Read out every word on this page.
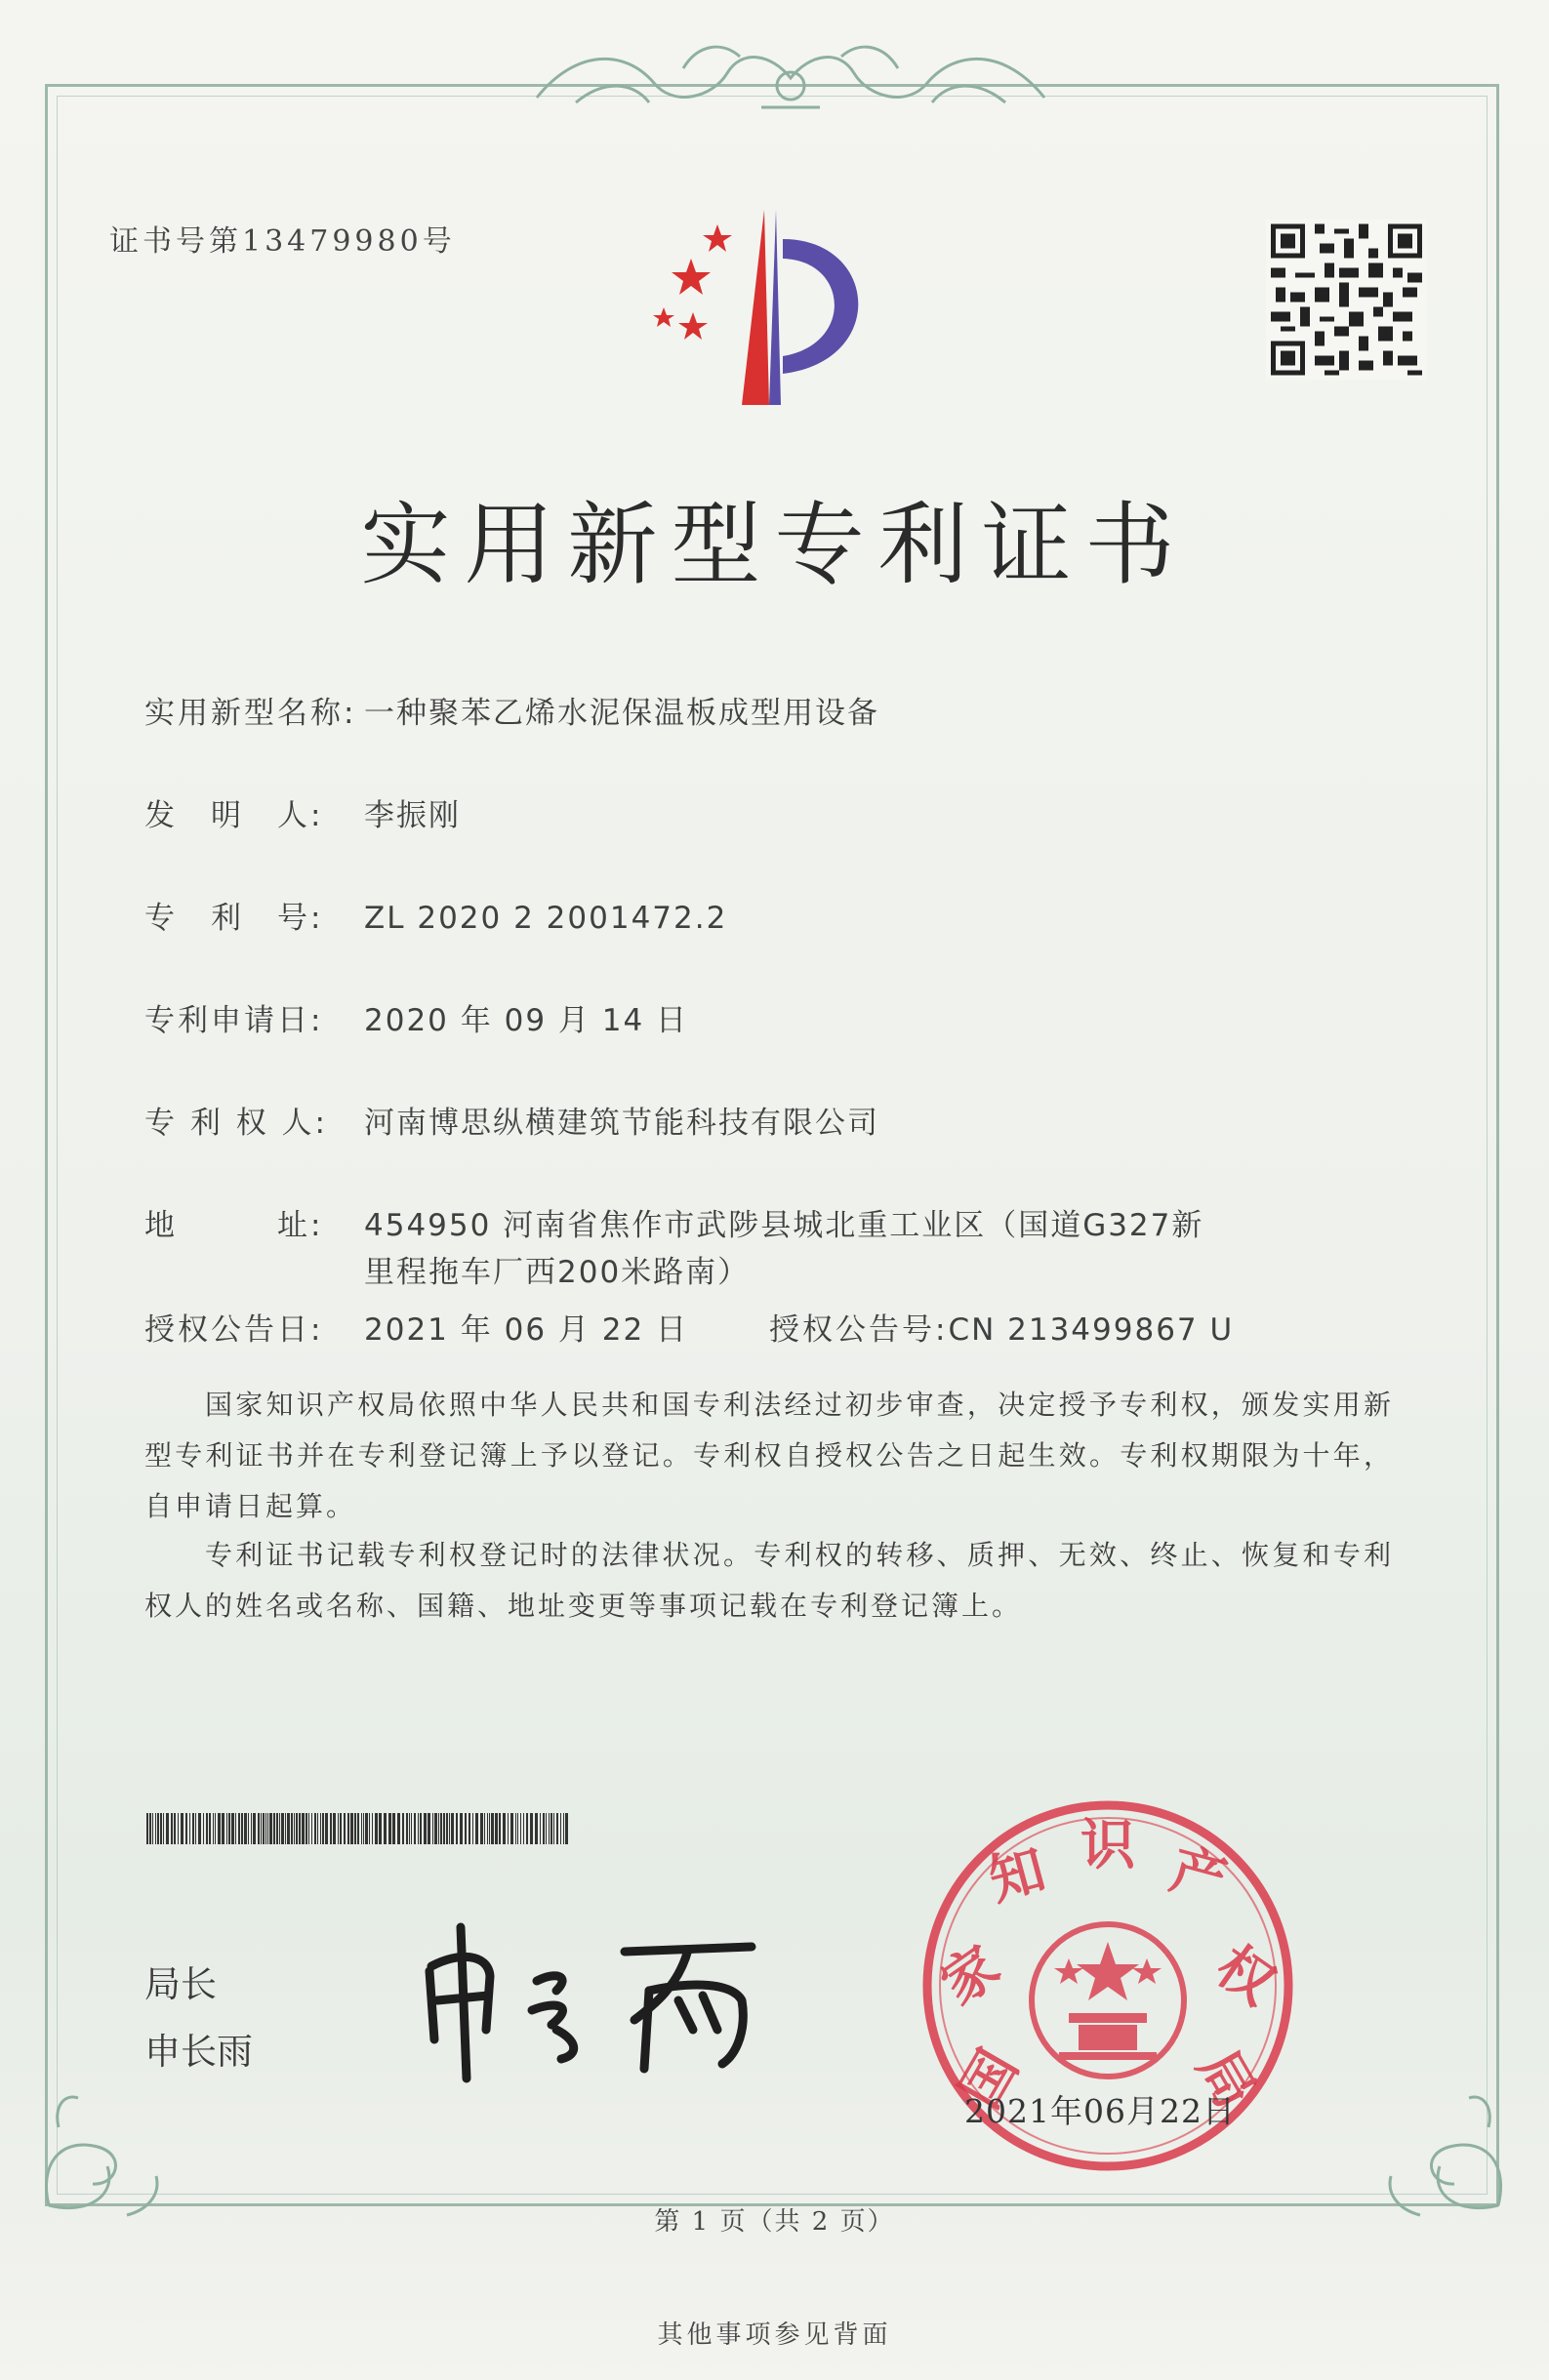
证书号第13479980号
实用新型专利证书
实用新型名称: 一种聚苯乙烯水泥保温板成型用设备
发　明　人: 李振刚
专　利　号: ZL 2020 2 2001472.2
专利申请日: 2020 年 09 月 14 日
专 利 权 人: 河南博思纵横建筑节能科技有限公司
地　　　址: 454950 河南省焦作市武陟县城北重工业区（国道G327新
里程拖车厂西200米路南）
授权公告日: 2021 年 06 月 22 日	授权公告号:CN 213499867 U
国家知识产权局依照中华人民共和国专利法经过初步审查，决定授予专利权，颁发实用新型专利证书并在专利登记簿上予以登记。专利权自授权公告之日起生效。专利权期限为十年，自申请日起算。
专利证书记载专利权登记时的法律状况。专利权的转移、质押、无效、终止、恢复和专利权人的姓名或名称、国籍、地址变更等事项记载在专利登记簿上。
局长
申长雨	国
家
知 识 产
权
局
2021年06月22日
第 1 页（共 2 页）
其他事项参见背面
